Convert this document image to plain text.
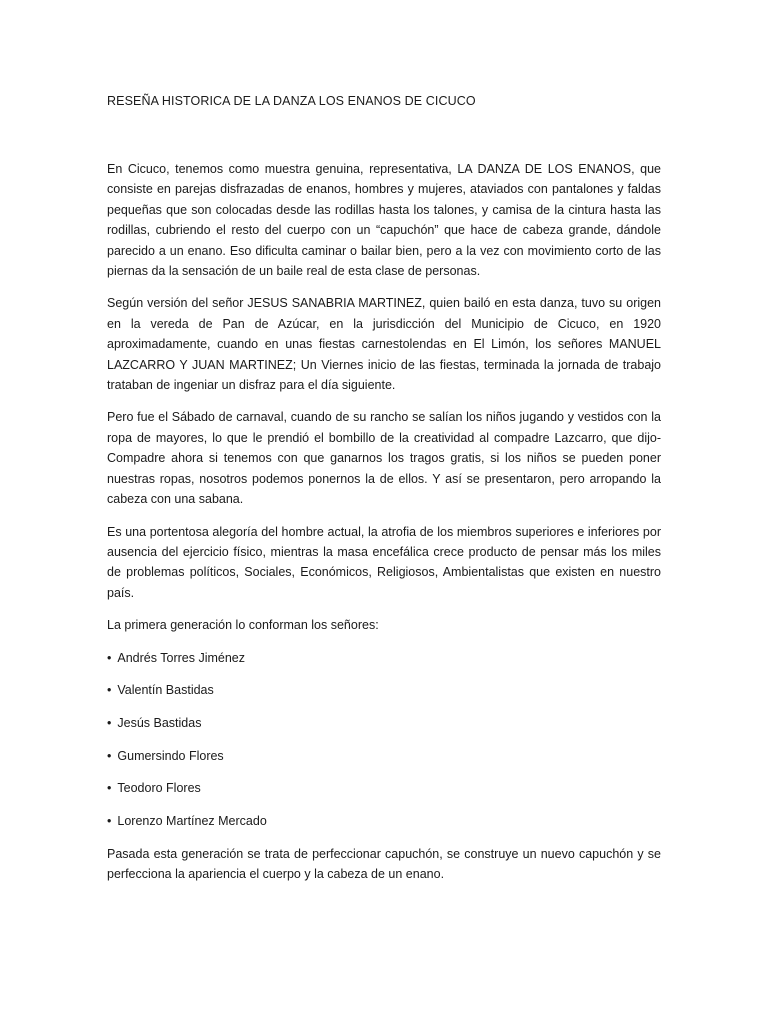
RESEÑA HISTORICA DE LA DANZA LOS ENANOS DE CICUCO

En Cicuco, tenemos como muestra genuina, representativa, LA DANZA DE LOS ENANOS, que consiste en parejas disfrazadas de enanos, hombres y mujeres, ataviados con pantalones y faldas pequeñas que son colocadas desde las rodillas hasta los talones, y camisa de la cintura hasta las rodillas, cubriendo el resto del cuerpo con un “capuchón” que hace de cabeza grande, dándole parecido a un enano. Eso dificulta caminar o bailar bien, pero a la vez con movimiento corto de las piernas da la sensación de un baile real de esta clase de personas.

Según versión del señor JESUS SANABRIA MARTINEZ, quien bailó en esta danza, tuvo su origen en la vereda de Pan de Azúcar, en la jurisdicción del Municipio de Cicuco, en 1920 aproximadamente, cuando en unas fiestas carnestolendas en El Limón, los señores MANUEL LAZCARRO Y JUAN MARTINEZ; Un Viernes inicio de las fiestas, terminada la jornada de trabajo trataban de ingeniar un disfraz para el día siguiente.

Pero fue el Sábado de carnaval, cuando de su rancho se salían los niños jugando y vestidos con la ropa de mayores, lo que le prendió el bombillo de la creatividad al compadre Lazcarro, que dijo-Compadre ahora si tenemos con que ganarnos los tragos gratis, si los niños se pueden poner nuestras ropas, nosotros podemos ponernos la de ellos. Y así se presentaron, pero arropando la cabeza con una sabana.

Es una portentosa alegoría del hombre actual, la atrofia de los miembros superiores e inferiores por ausencia del ejercicio físico, mientras la masa encefálica crece producto de pensar más los miles de problemas políticos, Sociales, Económicos, Religiosos, Ambientalistas que existen en nuestro país.

La primera generación lo conforman los señores:

• Andrés Torres Jiménez
• Valentín Bastidas
• Jesús Bastidas
• Gumersindo Flores
• Teodoro Flores
• Lorenzo Martínez Mercado

Pasada esta generación se trata de perfeccionar capuchón, se construye un nuevo capuchón y se perfecciona la apariencia el cuerpo y la cabeza de un enano.
